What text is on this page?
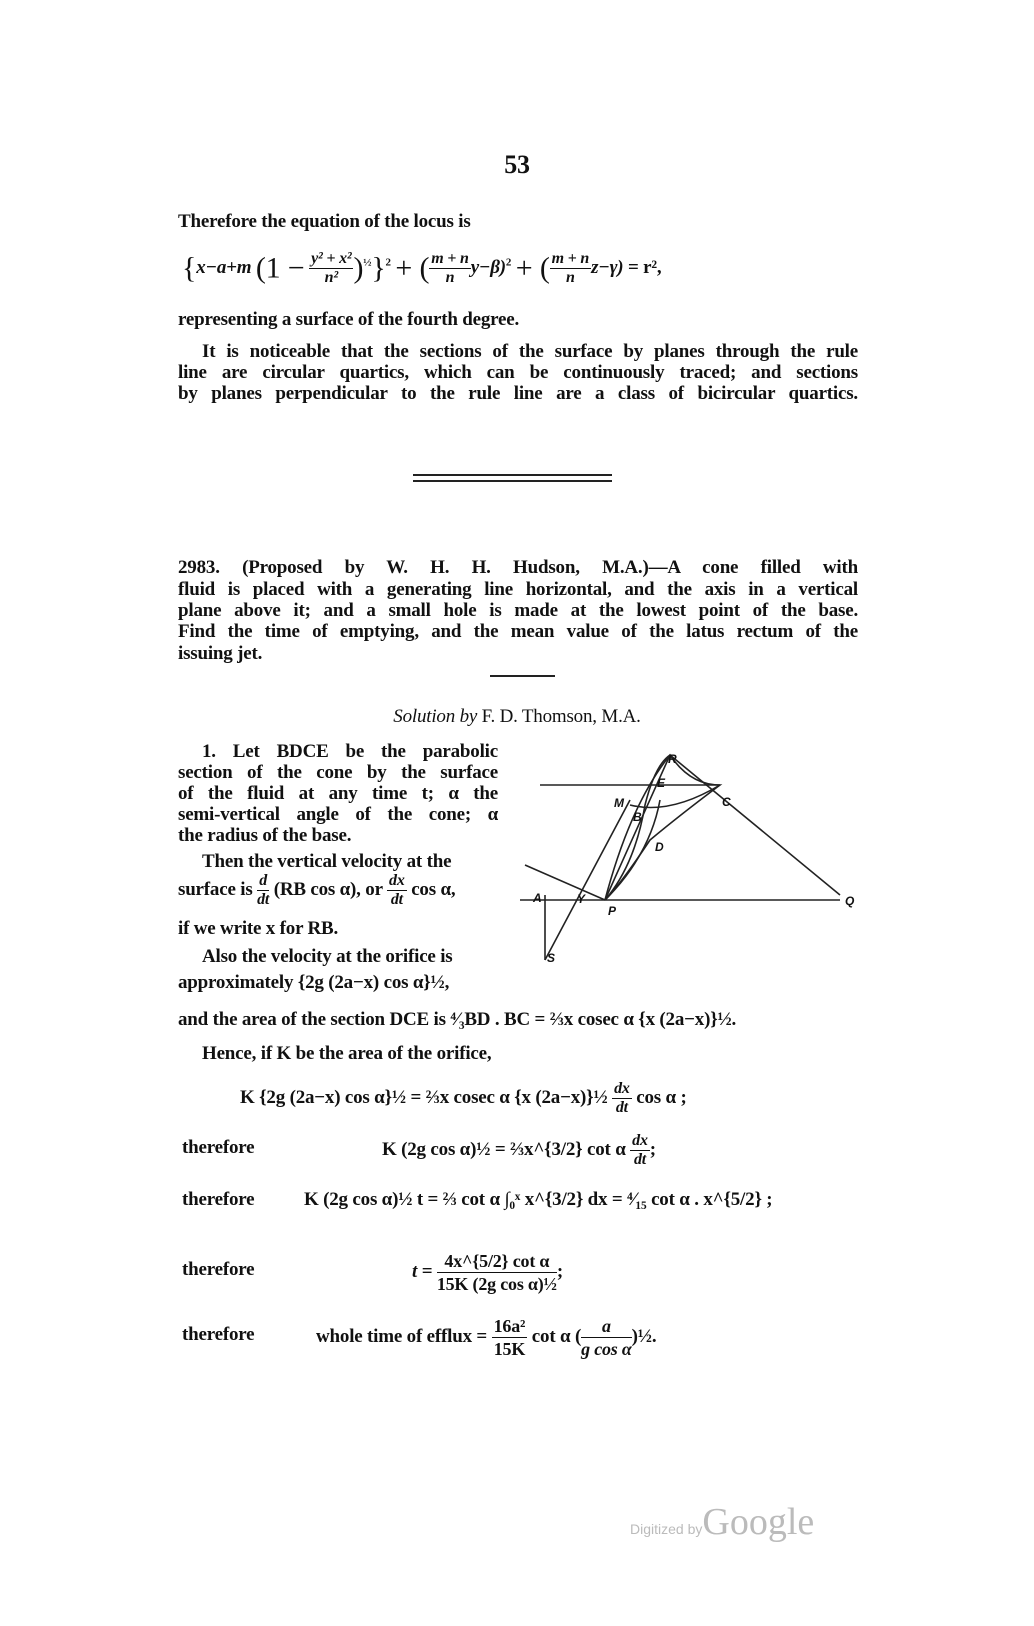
53
Therefore the equation of the locus is
{x−a+m $(1 - \frac{\text{y² + x²}}{\text{n²}} )^{\frac{1}{2}}\}^2$ + ( $\frac{m + n}{n} y-\beta)^2$ + ( $\frac{m + n}{n} z-\gamma) = r^2$,
representing a surface of the fourth degree.
It is noticeable that the sections of the surface by planes through the rule
line are circular quartics, which can be continuously traced; and sections
by planes perpendicular to the rule line are a class of bicircular quartics.
2983. (Proposed by W. H. H. Hudson, M.A.)—A cone filled with
fluid is placed with a generating line horizontal, and the axis in a vertical
plane above it; and a small hole is made at the lowest point of the base.
Find the time of emptying, and the mean value of the latus rectum of the
issuing jet.
Solution by F. D. Thomson, M.A.
1. Let BDCE be the parabolic
section of the cone by the surface
of the fluid at any time t; α the
semi-vertical angle of the cone; α
the radius of the base.
Then the vertical velocity at the
surface is $\frac{d}{dt} (RB$ cos α), or $\frac{dx}{dt}$ cos α,
if we write x for RB.
Also the velocity at the orifice is
approximately {2g (2a−x) cos α}½,
R
E
M	C
B
D
A	Y
P
Q
S
and the area of the section DCE is ⁴⁄₃BD . BC = ⅔x cosec α {x (2a−x)}½.
Hence, if K be the area of the orifice,
K {2g (2a−x) cos α}½ = ⅔x cosec α {x (2a−x)}½ $\frac{dx}{dt}$ cos α ;
therefore	K (2g cos α)½ = ⅔x^{3/2} cot α $\frac{dx}{dt}$ ;
therefore	K (2g cos α)½ t = ⅔ cot α ∫₀ˣ x^{3/2} dx = ⁴⁄₁₅ cot α . x^{5/2} ;
therefore	$t = \frac{\text{4x\textasciicircum{}\{5/2\} cot α}}{\text{15K (2g cos α)½}}$ ;
therefore	whole time of efflux = $\frac{\text{16a²}}{15K}$ cot α ( $\frac{a}{\text{g cos α}}$ )½.
Digitized byGoogle
